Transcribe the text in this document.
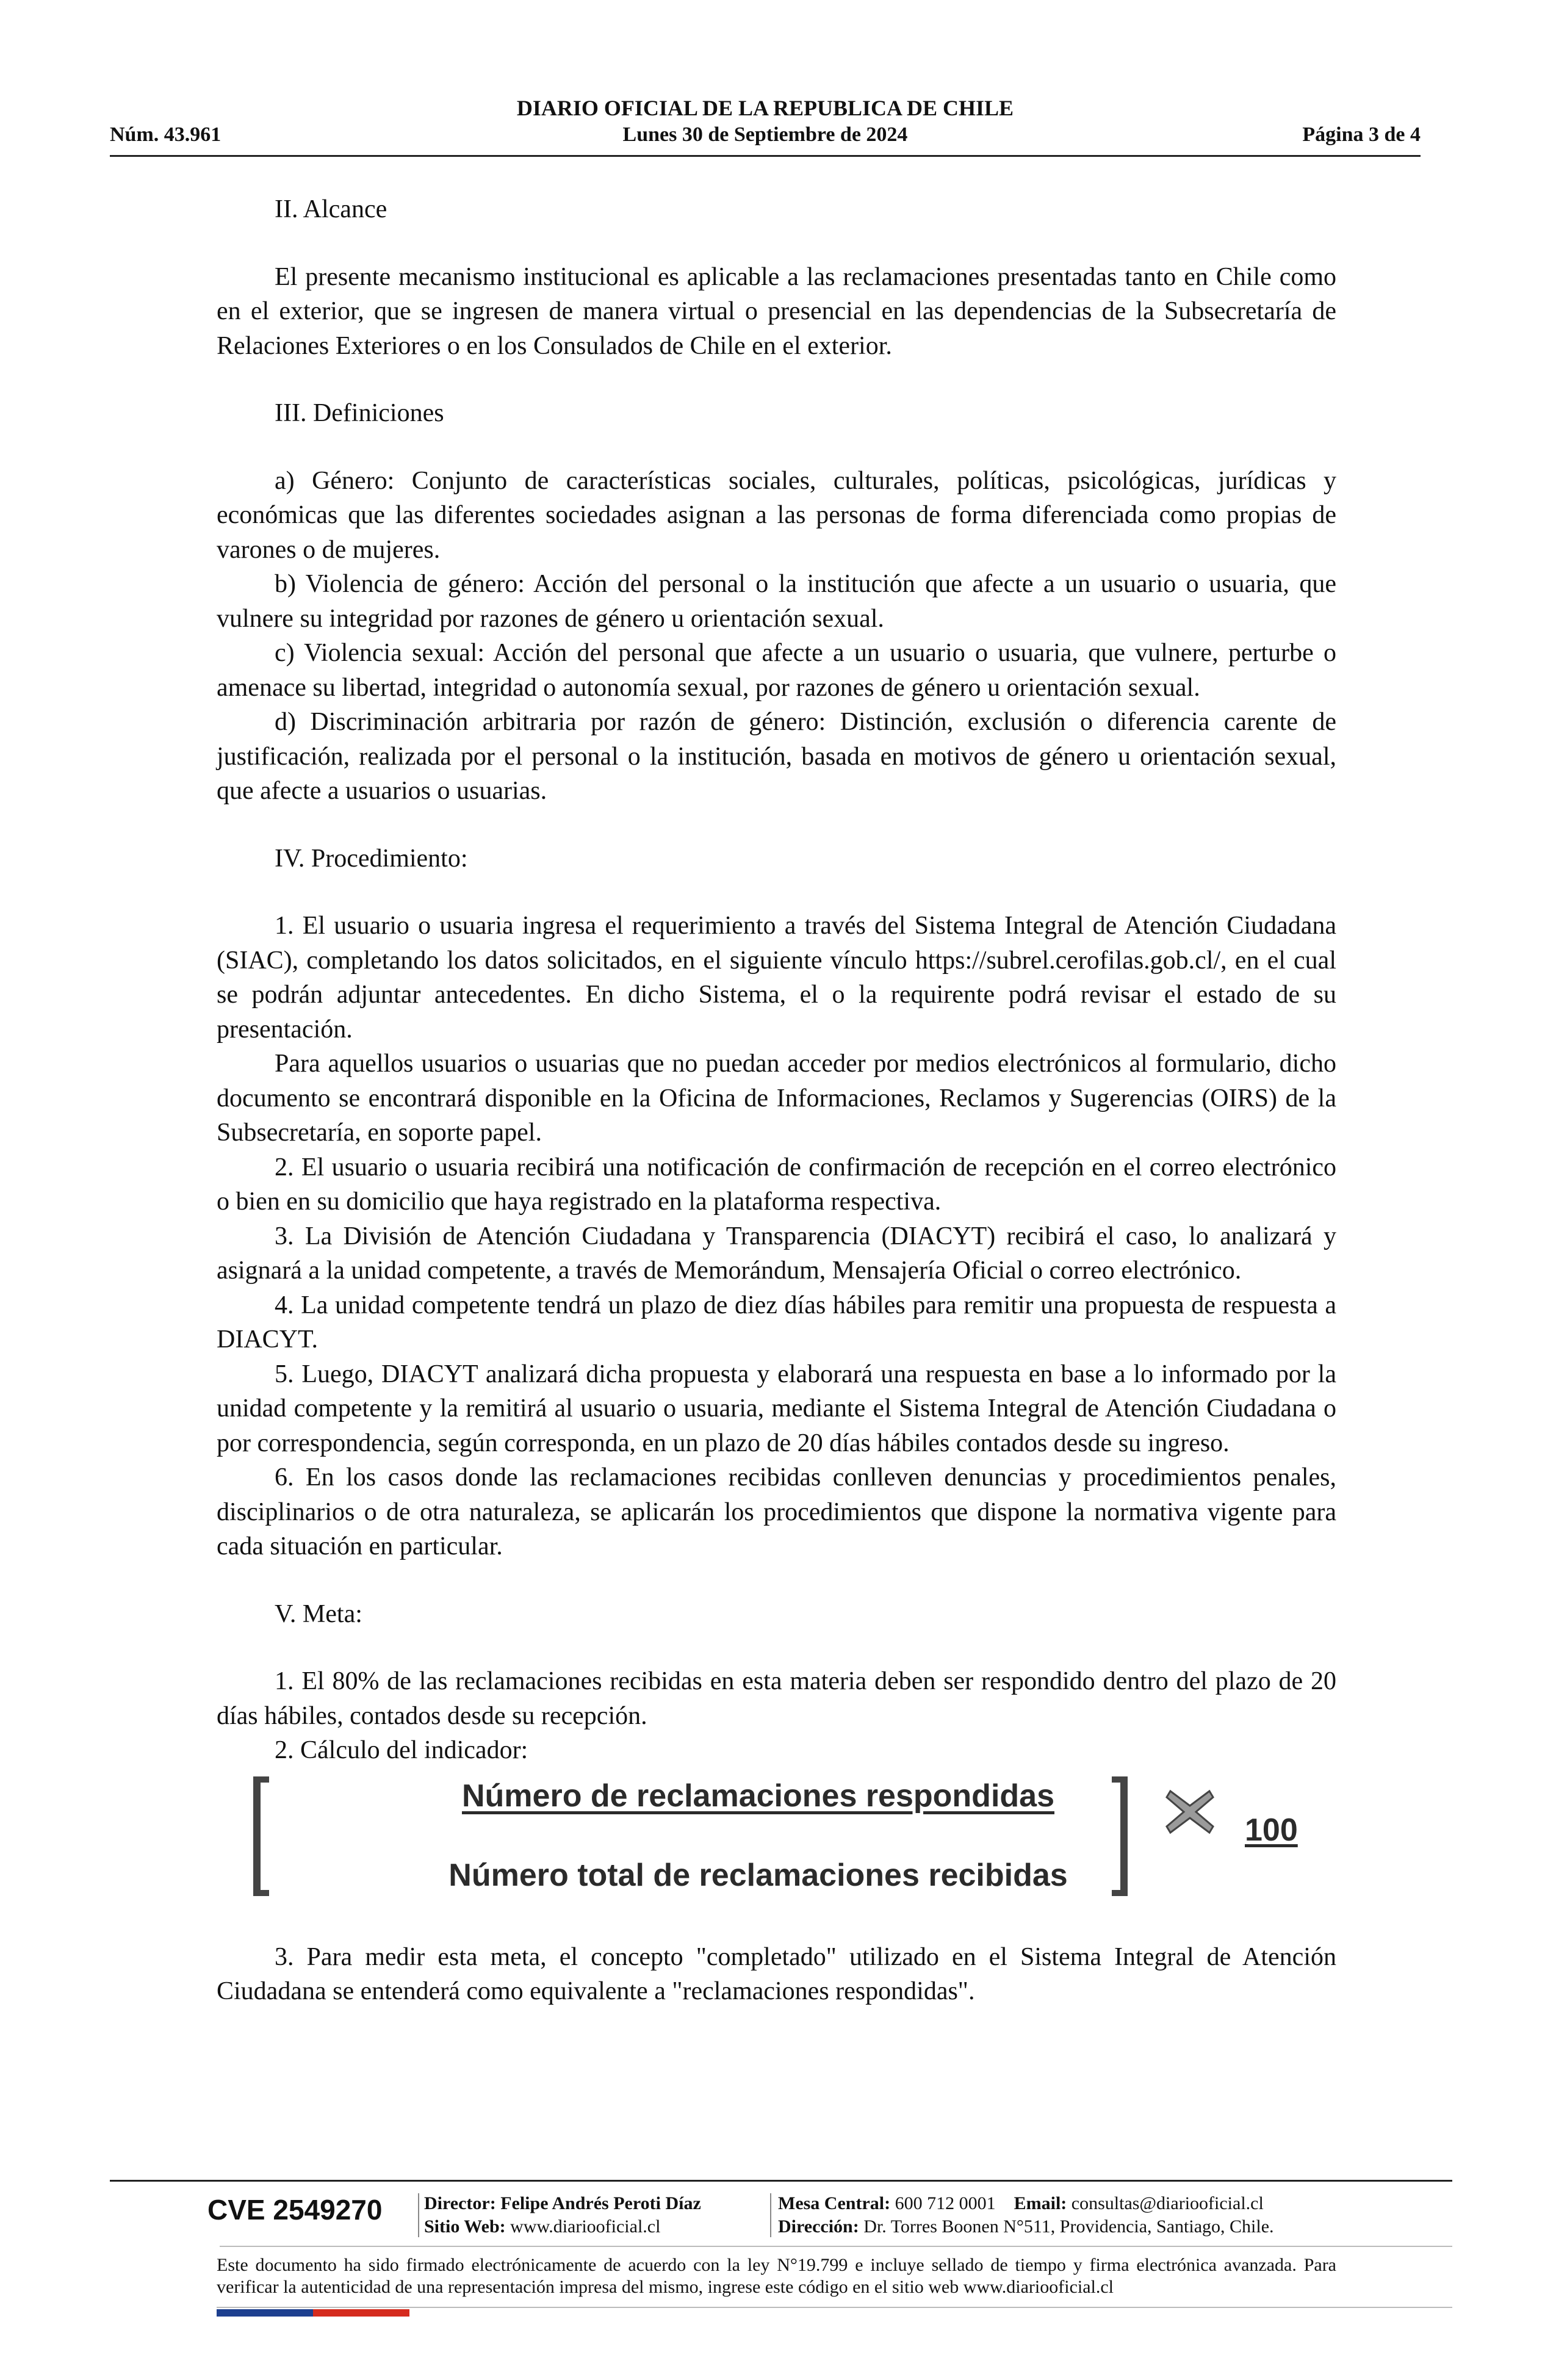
DIARIO OFICIAL DE LA REPUBLICA DE CHILE
Núm. 43.961	Lunes 30 de Septiembre de 2024	Página 3 de 4
II. Alcance

El presente mecanismo institucional es aplicable a las reclamaciones presentadas tanto en Chile como en el exterior, que se ingresen de manera virtual o presencial en las dependencias de la Subsecretaría de Relaciones Exteriores o en los Consulados de Chile en el exterior.

III. Definiciones

a) Género: Conjunto de características sociales, culturales, políticas, psicológicas, jurídicas y económicas que las diferentes sociedades asignan a las personas de forma diferenciada como propias de varones o de mujeres.

b) Violencia de género: Acción del personal o la institución que afecte a un usuario o usuaria, que vulnere su integridad por razones de género u orientación sexual.

c) Violencia sexual: Acción del personal que afecte a un usuario o usuaria, que vulnere, perturbe o amenace su libertad, integridad o autonomía sexual, por razones de género u orientación sexual.

d) Discriminación arbitraria por razón de género: Distinción, exclusión o diferencia carente de justificación, realizada por el personal o la institución, basada en motivos de género u orientación sexual, que afecte a usuarios o usuarias.

IV. Procedimiento:

1. El usuario o usuaria ingresa el requerimiento a través del Sistema Integral de Atención Ciudadana (SIAC), completando los datos solicitados, en el siguiente vínculo https://subrel.cerofilas.gob.cl/, en el cual se podrán adjuntar antecedentes. En dicho Sistema, el o la requirente podrá revisar el estado de su presentación.

Para aquellos usuarios o usuarias que no puedan acceder por medios electrónicos al formulario, dicho documento se encontrará disponible en la Oficina de Informaciones, Reclamos y Sugerencias (OIRS) de la Subsecretaría, en soporte papel.

2. El usuario o usuaria recibirá una notificación de confirmación de recepción en el correo electrónico o bien en su domicilio que haya registrado en la plataforma respectiva.

3. La División de Atención Ciudadana y Transparencia (DIACYT) recibirá el caso, lo analizará y asignará a la unidad competente, a través de Memorándum, Mensajería Oficial o correo electrónico.

4. La unidad competente tendrá un plazo de diez días hábiles para remitir una propuesta de respuesta a DIACYT.

5. Luego, DIACYT analizará dicha propuesta y elaborará una respuesta en base a lo informado por la unidad competente y la remitirá al usuario o usuaria, mediante el Sistema Integral de Atención Ciudadana o por correspondencia, según corresponda, en un plazo de 20 días hábiles contados desde su ingreso.

6. En los casos donde las reclamaciones recibidas conlleven denuncias y procedimientos penales, disciplinarios o de otra naturaleza, se aplicarán los procedimientos que dispone la normativa vigente para cada situación en particular.

V. Meta:

1. El 80% de las reclamaciones recibidas en esta materia deben ser respondido dentro del plazo de 20 días hábiles, contados desde su recepción.

2. Cálculo del indicador:

Número de reclamaciones respondidas
Número total de reclamaciones recibidas
100

3. Para medir esta meta, el concepto "completado" utilizado en el Sistema Integral de Atención Ciudadana se entenderá como equivalente a "reclamaciones respondidas".

CVE 2549270 Director: Felipe Andrés Peroti Díaz
Sitio Web: www.diariooficial.cl
Mesa Central: 600 712 0001 Email: consultas@diariooficial.cl
Dirección: Dr. Torres Boonen N°511, Providencia, Santiago, Chile.
Este documento ha sido firmado electrónicamente de acuerdo con la ley N°19.799 e incluye sellado de tiempo y firma electrónica avanzada. Para verificar la autenticidad de una representación impresa del mismo, ingrese este código en el sitio web www.diariooficial.cl
